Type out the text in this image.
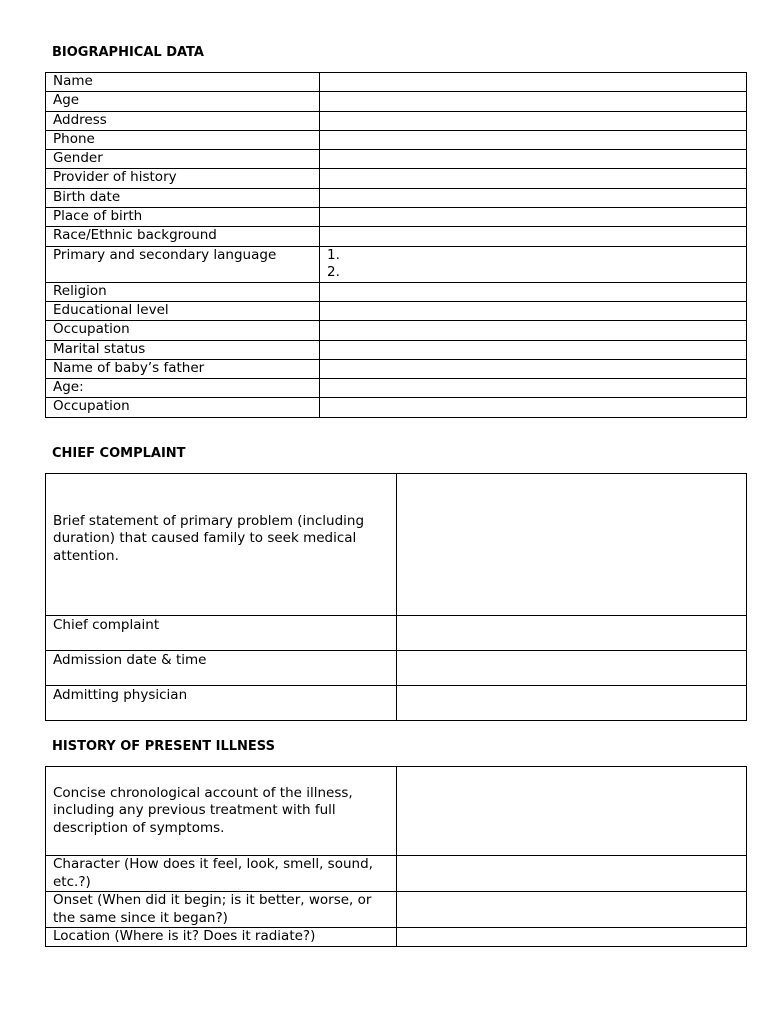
BIOGRAPHICAL DATA
Name	
Age	
Address	
Phone	
Gender	
Provider of history	
Birth date	
Place of birth	
Race/Ethnic background	
Primary and secondary language	1.
2.

Religion	
Educational level	
Occupation	
Marital status	
Name of baby’s father	
Age:	
Occupation	
CHIEF COMPLAINT
Brief statement of primary problem (including duration) that caused family to seek medical attention.	
Chief complaint	
Admission date & time	
Admitting physician	
HISTORY OF PRESENT ILLNESS
Concise chronological account of the illness, including any previous treatment with full description of symptoms.	
Character (How does it feel, look, smell, sound, etc.?)	
Onset (When did it begin; is it better, worse, or the same since it began?)	
Location (Where is it? Does it radiate?)	
